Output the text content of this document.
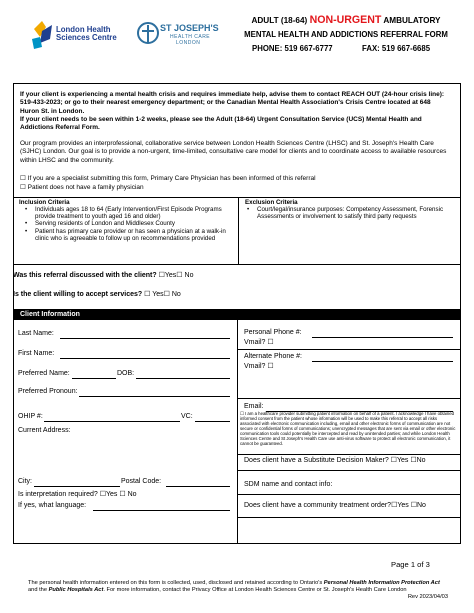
London Health Sciences Centre
ST JOSEPH'S
HEALTH CARE
LONDON
ADULT (18-64) NON-URGENT AMBULATORY
MENTAL HEALTH AND ADDICTIONS REFERRAL FORM
PHONE: 519 667-6777	FAX: 519 667-6685

If your client is experiencing a mental health crisis and requires immediate help, advise them to contact REACH OUT (24-hour crisis line): 519-433-2023; or go to their nearest emergency department; or the Canadian Mental Health Association's Crisis Centre located at 648 Huron St. in London.

If your client needs to be seen within 1-2 weeks, please see the Adult (18-64) Urgent Consultation Service (UCS) Mental Health and Addictions Referral Form.

Our program provides an interprofessional, collaborative service between London Health Sciences Centre (LHSC) and St. Joseph's Health Care (SJHC) London. Our goal is to provide a non-urgent, time-limited, consultative care model for clients and to coordinate access to available resources within LHSC and the community.
☐ If you are a specialist submitting this form, Primary Care Physician has been informed of this referral
☐ Patient does not have a family physician
Inclusion Criteria
• Individuals ages 18 to 64 (Early Intervention/First Episode Programs provide treatment to youth aged 16 and older)
• Serving residents of London and Middlesex County
• Patient has primary care provider or has seen a physician at a walk-in clinic who is agreeable to follow up on recommendations provided
Exclusion Criteria
• Court/legal/insurance purposes: Competency Assessment, Forensic Assessments or involvement to satisfy third party requests
Was this referral discussed with the client? ☐Yes☐ No
Is the client willing to accept services? ☐ Yes☐ No
Client Information
Last Name:
First Name:
Preferred Name:	DOB:
Preferred Pronoun:
OHIP #:	VC:
Current Address:
City:	Postal Code:
Is interpretation required? ☐Yes ☐ No
If yes, what language:
Personal Phone #:
Vmail? ☐
Alternate Phone #:
Vmail? ☐
Email:
☐ I am a healthcare provider submitting patient information on behalf of a patient. I acknowledge I have obtained informed consent from the patient whose information will be used to make this referral to accept all risks associated with electronic communication including, email and other electronic forms of communication are not secure or confidential forms of communications; unencrypted messages that are sent via email or other electronic communication tools could potentially be intercepted and read by unintended parties; and while London Health Sciences Centre and St Joseph's Health Care use anti-virus software to protect all electronic communication, it cannot be guaranteed.
Does client have a Substitute Decision Maker? ☐Yes ☐No
SDM name and contact info:
Does client have a community treatment order?☐Yes ☐No
Page 1 of 3
The personal health information entered on this form is collected, used, disclosed and retained according to Ontario's Personal Health Information Protection Act and the Public Hospitals Act. For more information, contact the Privacy Office at London Health Sciences Centre or St. Joseph's Health Care London
Rev 2023/04/03
